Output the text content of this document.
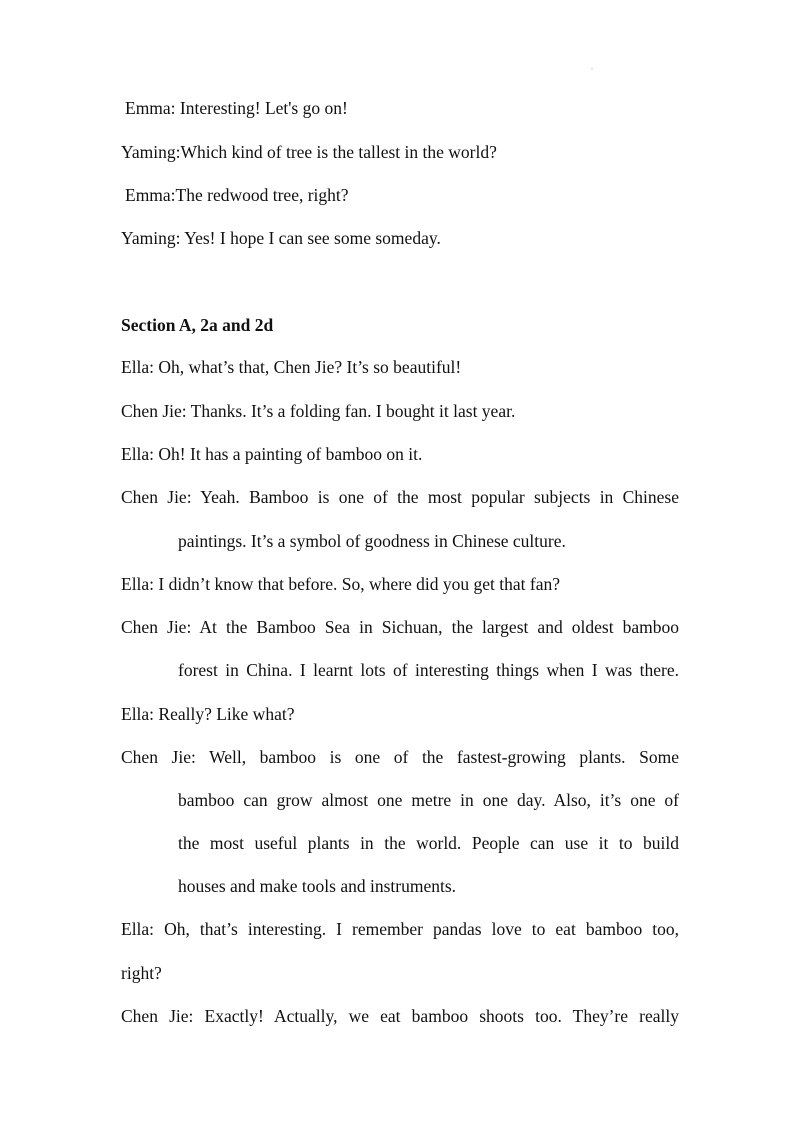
.
Emma: Interesting! Let's go on!
Yaming:Which kind of tree is the tallest in the world?
Emma:The redwood tree, right?
Yaming: Yes! I hope I can see some someday.
Section A, 2a and 2d
Ella: Oh, what’s that, Chen Jie? It’s so beautiful!
Chen Jie: Thanks. It’s a folding fan. I bought it last year.
Ella: Oh! It has a painting of bamboo on it.
Chen Jie: Yeah. Bamboo is one of the most popular subjects in Chinese
paintings. It’s a symbol of goodness in Chinese culture.
Ella: I didn’t know that before. So, where did you get that fan?
Chen Jie: At the Bamboo Sea in Sichuan, the largest and oldest bamboo
forest in China. I learnt lots of interesting things when I was there.
Ella: Really? Like what?
Chen Jie: Well, bamboo is one of the fastest-growing plants. Some
bamboo can grow almost one metre in one day. Also, it’s one of
the most useful plants in the world. People can use it to build
houses and make tools and instruments.
Ella: Oh, that’s interesting. I remember pandas love to eat bamboo too,
right?
Chen Jie: Exactly! Actually, we eat bamboo shoots too. They’re really
